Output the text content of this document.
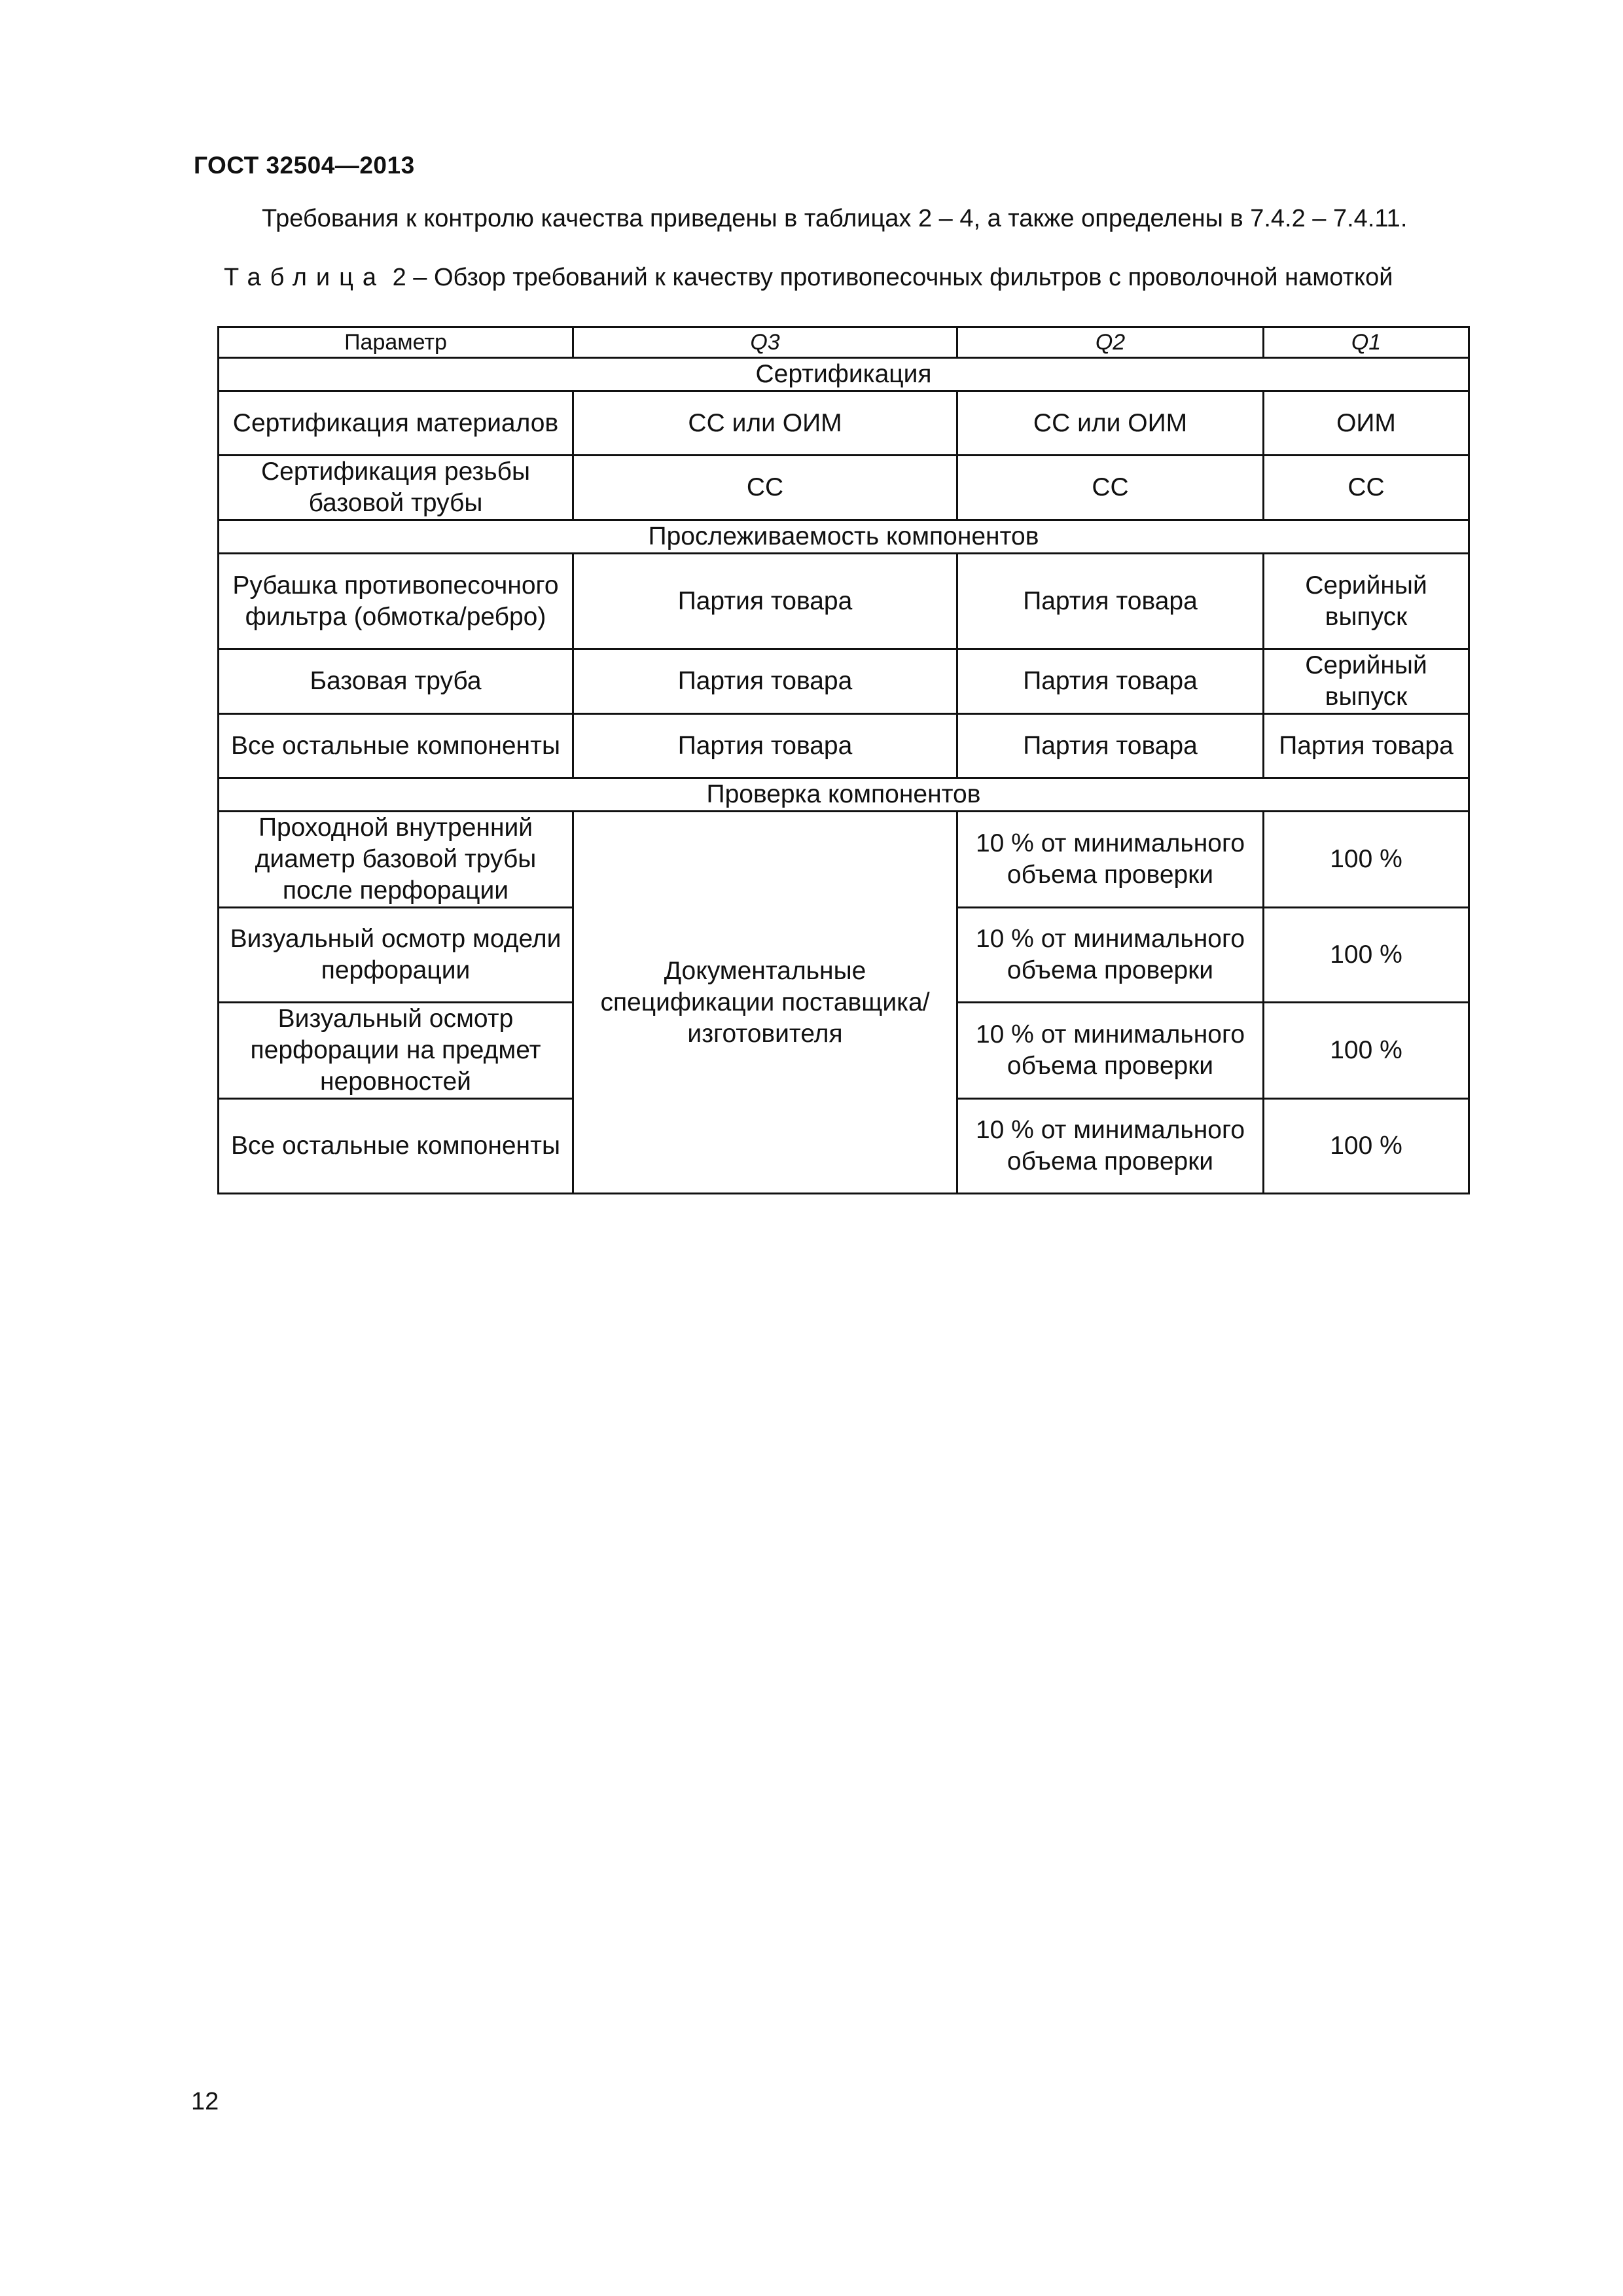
ГОСТ 32504—2013
Требования к контролю качества приведены в таблицах 2 – 4, а также определены в 7.4.2 – 7.4.11.
Таблица 2 – Обзор требований к качеству противопесочных фильтров с проволочной намоткой
Параметр	Q3	Q2	Q1
Сертификация			
Сертификация материалов	СС или ОИМ	СС или ОИМ	ОИМ
Сертификация резьбы базовой трубы	СС	СС	СС
Прослеживаемость компонентов			
Рубашка противопесочного фильтра (обмотка/ребро)	Партия товара	Партия товара	Серийный выпуск
Базовая труба	Партия товара	Партия товара	Серийный выпуск
Все остальные компоненты	Партия товара	Партия товара	Партия товара
Проверка компонентов			
Проходной внутренний диаметр базовой трубы после перфорации	Документальные спецификации поставщика/изготовителя	10 % от минимального объема проверки	100 %
Визуальный осмотр модели перфорации		10 % от минимального объема проверки	100 %
Визуальный осмотр перфорации на предмет неровностей		10 % от минимального объема проверки	100 %
Все остальные компоненты		10 % от минимального объема проверки	100 %
12
